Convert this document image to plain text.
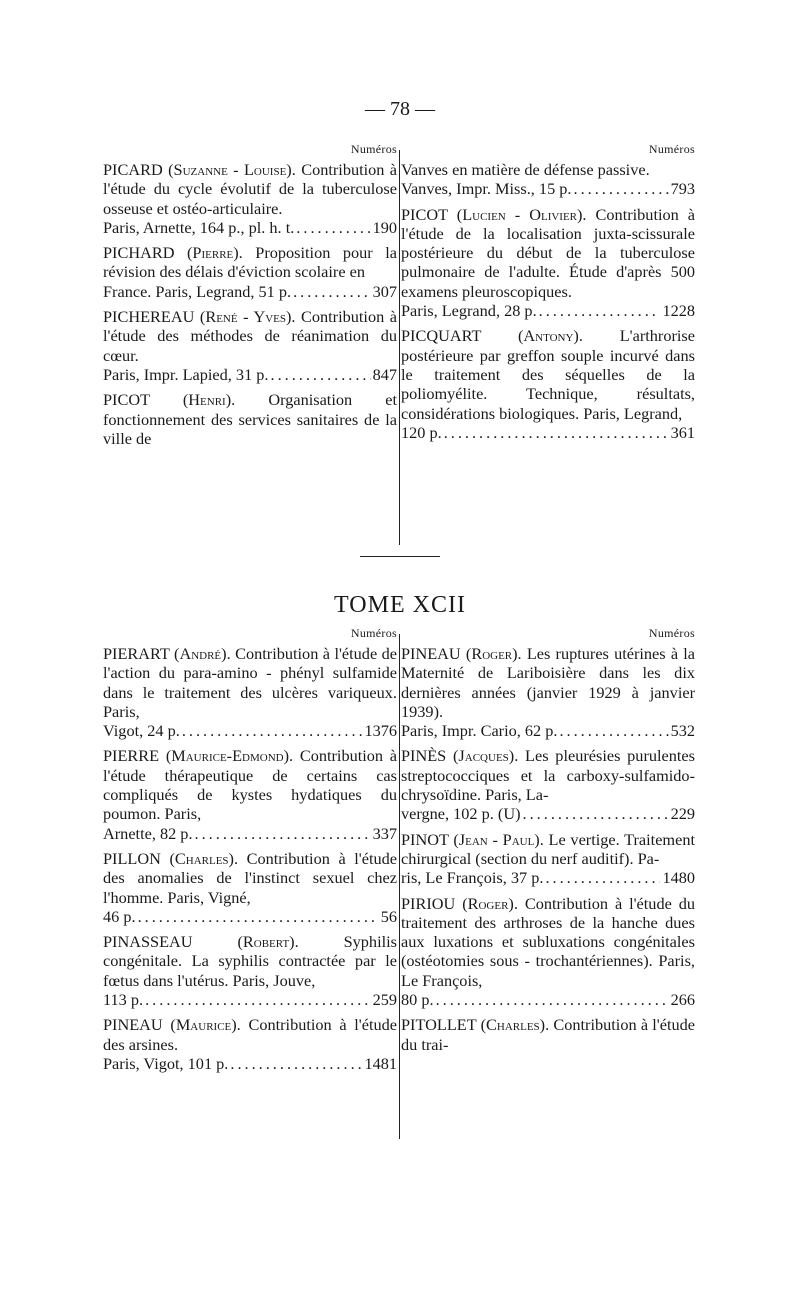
— 78 —
Numéros
PICARD (Suzanne - Louise). Contribution à l'étude du cycle évolutif de la tuberculose osseuse et ostéo-articulaire.
Paris, Arnette, 164 p., pl. h. t. .....	190
PICHARD (Pierre). Proposition pour la révision des délais d'éviction scolaire en
France. Paris, Legrand, 51 p. .....	307
PICHEREAU (René - Yves). Contribution à l'étude des méthodes de réanimation du cœur.
Paris, Impr. Lapied, 31 p. .....	847
PICOT (Henri). Organisation et fonctionnement des services sanitaires de la ville de
Numéros
Vanves en matière de défense passive.
Vanves, Impr. Miss., 15 p. .....	793
PICOT (Lucien - Olivier). Contribution à l'étude de la localisation juxta-scissurale postérieure du début de la tuberculose pulmonaire de l'adulte. Étude d'après 500 examens pleuroscopiques.
Paris, Legrand, 28 p. .....	1228
PICQUART (Antony). L'arthrorise postérieure par greffon souple incurvé dans le traitement des séquelles de la poliomyélite. Technique, résultats, considérations biologiques. Paris, Legrand,
120 p. .....	361
TOME XCII
Numéros
PIERART (André). Contribution à l'étude de l'action du para-amino - phényl sulfamide dans le traitement des ulcères variqueux. Paris,
Vigot, 24 p. .....	1376
PIERRE (Maurice-Edmond). Contribution à l'étude thérapeutique de certains cas compliqués de kystes hydatiques du poumon. Paris,
Arnette, 82 p. .....	337
PILLON (Charles). Contribution à l'étude des anomalies de l'instinct sexuel chez l'homme. Paris, Vigné,
46 p. .....	56
PINASSEAU	(Robert).	Syphilis congénitale. La syphilis contractée par le fœtus dans l'utérus. Paris, Jouve,
113 p. .....	259
PINEAU (Maurice). Contribution à l'étude des arsines.
Paris, Vigot, 101 p. .....	1481
Numéros
PINEAU (Roger). Les ruptures utérines à la Maternité de Lariboisière dans les dix dernières années (janvier 1929 à janvier 1939).
Paris, Impr. Cario, 62 p. .....	532
PINÈS (Jacques). Les pleurésies purulentes streptococciques et la carboxy-sulfamido-chrysoïdine. Paris, La-
vergne, 102 p. (U) .....	229
PINOT (Jean - Paul). Le vertige. Traitement chirurgical (section du nerf auditif). Pa-
ris, Le François, 37 p. .....	1480
PIRIOU (Roger). Contribution à l'étude du traitement des arthroses de la hanche dues aux luxations et subluxations congénitales (ostéotomies sous - trochantériennes). Paris, Le François,
80 p. .....	266
PITOLLET (Charles). Contribution à l'étude du trai-
